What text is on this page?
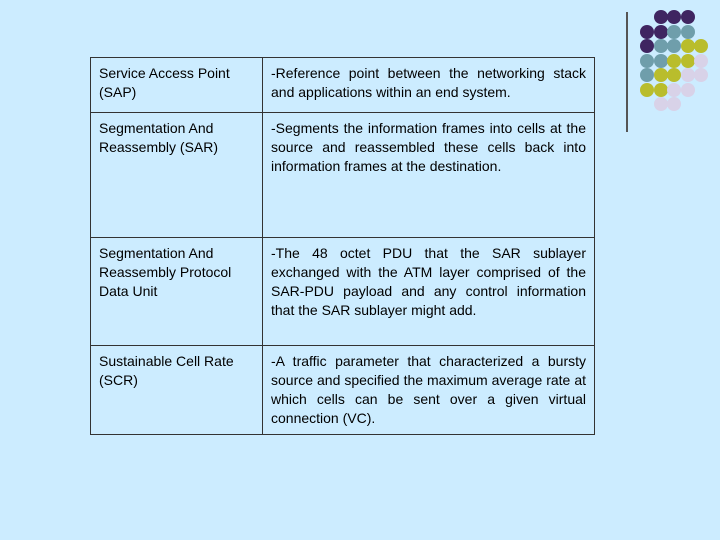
Service Access Point (SAP)	-Reference point between the networking stack and applications within an end system.
Segmentation And Reassembly (SAR)	-Segments the information frames into cells at the source and reassembled these cells back into information frames at the destination.
Segmentation And Reassembly Protocol Data Unit	-The 48 octet PDU that the SAR sublayer exchanged with the ATM layer comprised of the SAR-PDU payload and any control information that the SAR sublayer might add.
Sustainable Cell Rate (SCR)	-A traffic parameter that characterized a bursty source and specified the maximum average rate at which cells can be sent over a given virtual connection (VC).
